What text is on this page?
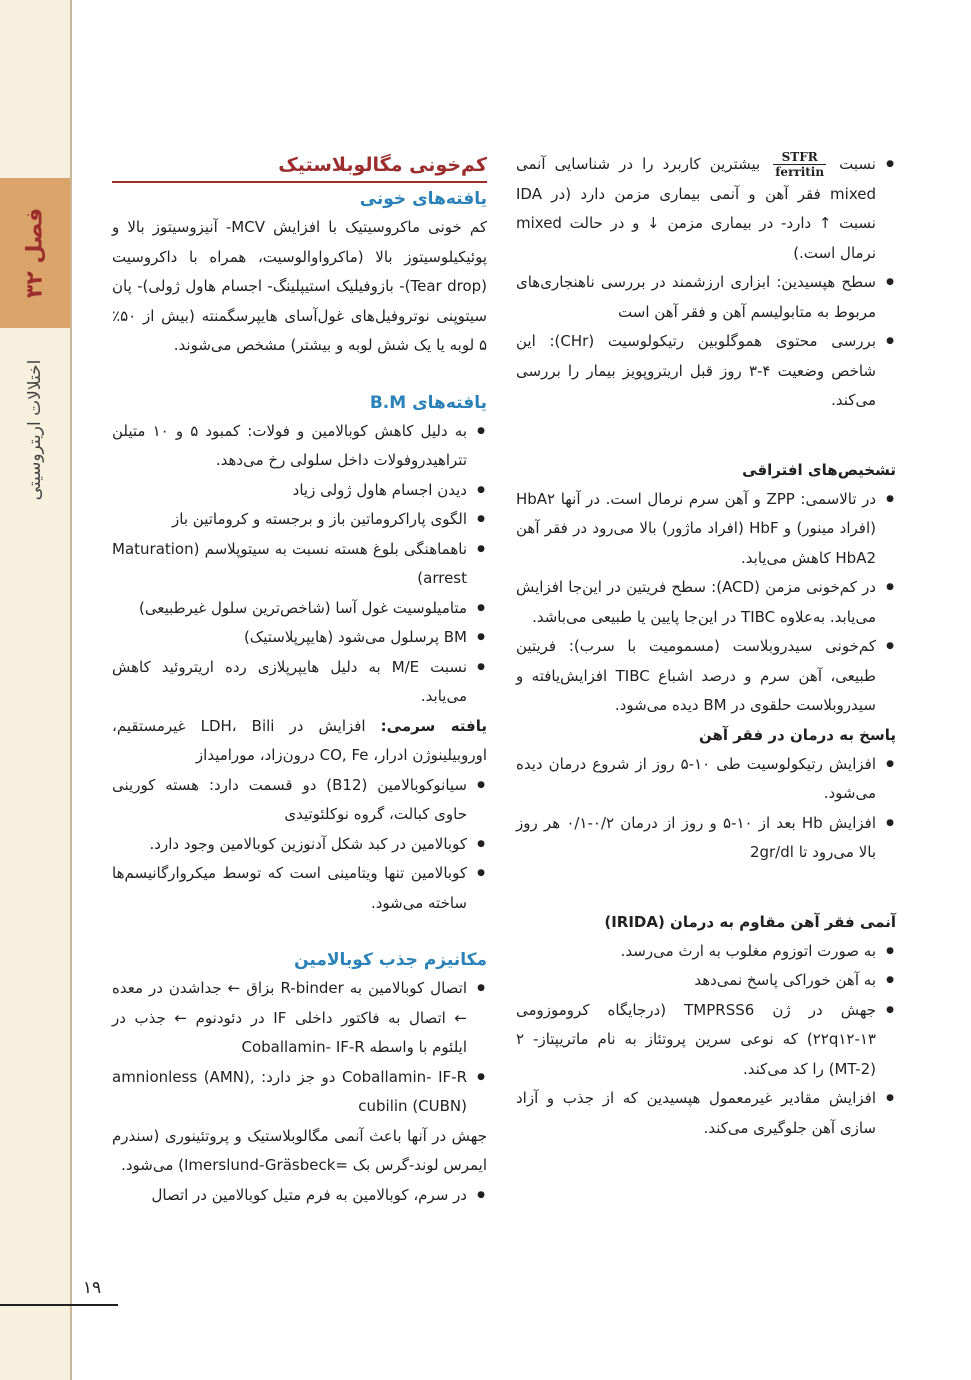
فصل ۳۲
اختلالات اریتروسیتی
● نسبت
$\frac{\text{STFR}}{\text{ferritin}}$
بیشترین کاربرد را در شناسایی آنمی mixed فقر آهن و آنمی بیماری مزمن دارد (در IDA نسبت ↑ دارد- در بیماری مزمن ↓ و در حالت mixed نرمال است.)
● سطح هپسیدین: ابزاری ارزشمند در بررسی ناهنجاری‌های مربوط به متابولیسم آهن و فقر آهن است
● بررسی محتوی هموگلوبین رتیکولوسیت (CHr): این شاخص وضعیت ۴-۳ روز قبل اریتروپویز بیمار را بررسی می‌کند.
تشخیص‌های افتراقی
● در تالاسمی: ZPP و آهن سرم نرمال است. در آنها HbA۲ (افراد مینور) و HbF (افراد ماژور) بالا می‌رود در فقر آهن HbA2 کاهش می‌یابد.
● در کم‌خونی مزمن (ACD): سطح فریتین در این‌جا افزایش می‌یابد. به‌علاوه TIBC در این‌جا پایین یا طبیعی می‌باشد.
● کم‌خونی سیدروبلاست (مسمومیت با سرب): فریتین طبیعی، آهن سرم و درصد اشباع TIBC افزایش‌یافته و سیدروبلاست حلقوی در BM دیده می‌شود.
پاسخ به درمان در فقر آهن
● افزایش رتیکولوسیت طی ۱۰-۵ روز از شروع درمان دیده می‌شود.
● افزایش Hb بعد از ۱۰-۵ و روز از درمان ۰/۲-۰/۱ هر روز بالا می‌رود تا 2gr/dl
آنمی فقر آهن مقاوم به درمان (IRIDA)
● به صورت اتوزوم مغلوب به ارث می‌رسد.
● به آهن خوراکی پاسخ نمی‌دهد
● جهش در ژن TMPRSS6 (درجایگاه کروموزومی ۱۳-۲۲q۱۲) که نوعی سرین پروتئاز به نام ماتریپتاز- ۲ (MT-2) را کد می‌کند.
● افزایش مقادیر غیرمعمول هپسیدین که از جذب و آزاد سازی آهن جلوگیری می‌کند.
کم‌خونی مگالوبلاستیک
یافته‌های خونی

کم خونی ماکروسیتیک با افزایش MCV- آنیزوسیتوز بالا و پوئیکیلوسیتوز بالا (ماکرواوالوسیت، همراه با داکروسیت (Tear drop)- بازوفیلیک استیپلینگ- اجسام هاول ژولی)- پان سیتوپنی نوتروفیل‌های غول‌آسای هایپرسگمنته (بیش از ۵۰٪ ۵ لوبه یا یک شش لوبه و بیشتر) مشخص می‌شوند.

یافته‌های B.M
● به دلیل کاهش کوبالامین و فولات: کمبود ۵ و ۱۰ متیلن تتراهیدروفولات داخل سلولی رخ می‌دهد.
● دیدن اجسام هاول ژولی زیاد
● الگوی پاراکروماتین باز و برجسته و کروماتین باز
● ناهماهنگی بلوغ هسته نسبت به سیتوپلاسم (Maturation arrest)
● متامیلوسیت غول آسا (شاخص‌ترین سلول غیرطبیعی)
● BM پرسلول می‌شود (هایپرپلاستیک)
● نسبت M/E به دلیل هایپرپلازی رده اریتروئید کاهش می‌یابد.

یافته سرمی: افزایش در LDH، Bili غیرمستقیم، اوروبیلینوژن ادرار، CO, Fe درون‌زاد، مورامیداز

● سیانوکوبالامین (B12) دو قسمت دارد: هسته کورینی حاوی کبالت، گروه نوکلئوتیدی
● کوبالامین در کبد شکل آدنوزین کوبالامین وجود دارد.
● کوبالامین تنها ویتامینی است که توسط میکروارگانیسم‌ها ساخته می‌شود.
مکانیزم جذب کوبالامین
● اتصال کوبالامین به R-binder بزاق ← جداشدن در معده ← اتصال به فاکتور داخلی IF در دئودنوم ← جذب در ایلئوم با واسطه Coballamin- IF-R
● Coballamin- IF-R دو جز دارد: amnionless (AMN), cubilin (CUBN)

جهش در آنها باعث آنمی مگالوبلاستیک و پروتئینوری (سندرم ایمرس لوند-گرس بک =Imerslund-Gräsbeck) می‌شود.

● در سرم، کوبالامین به فرم متیل کوبالامین در اتصال
۱۹
